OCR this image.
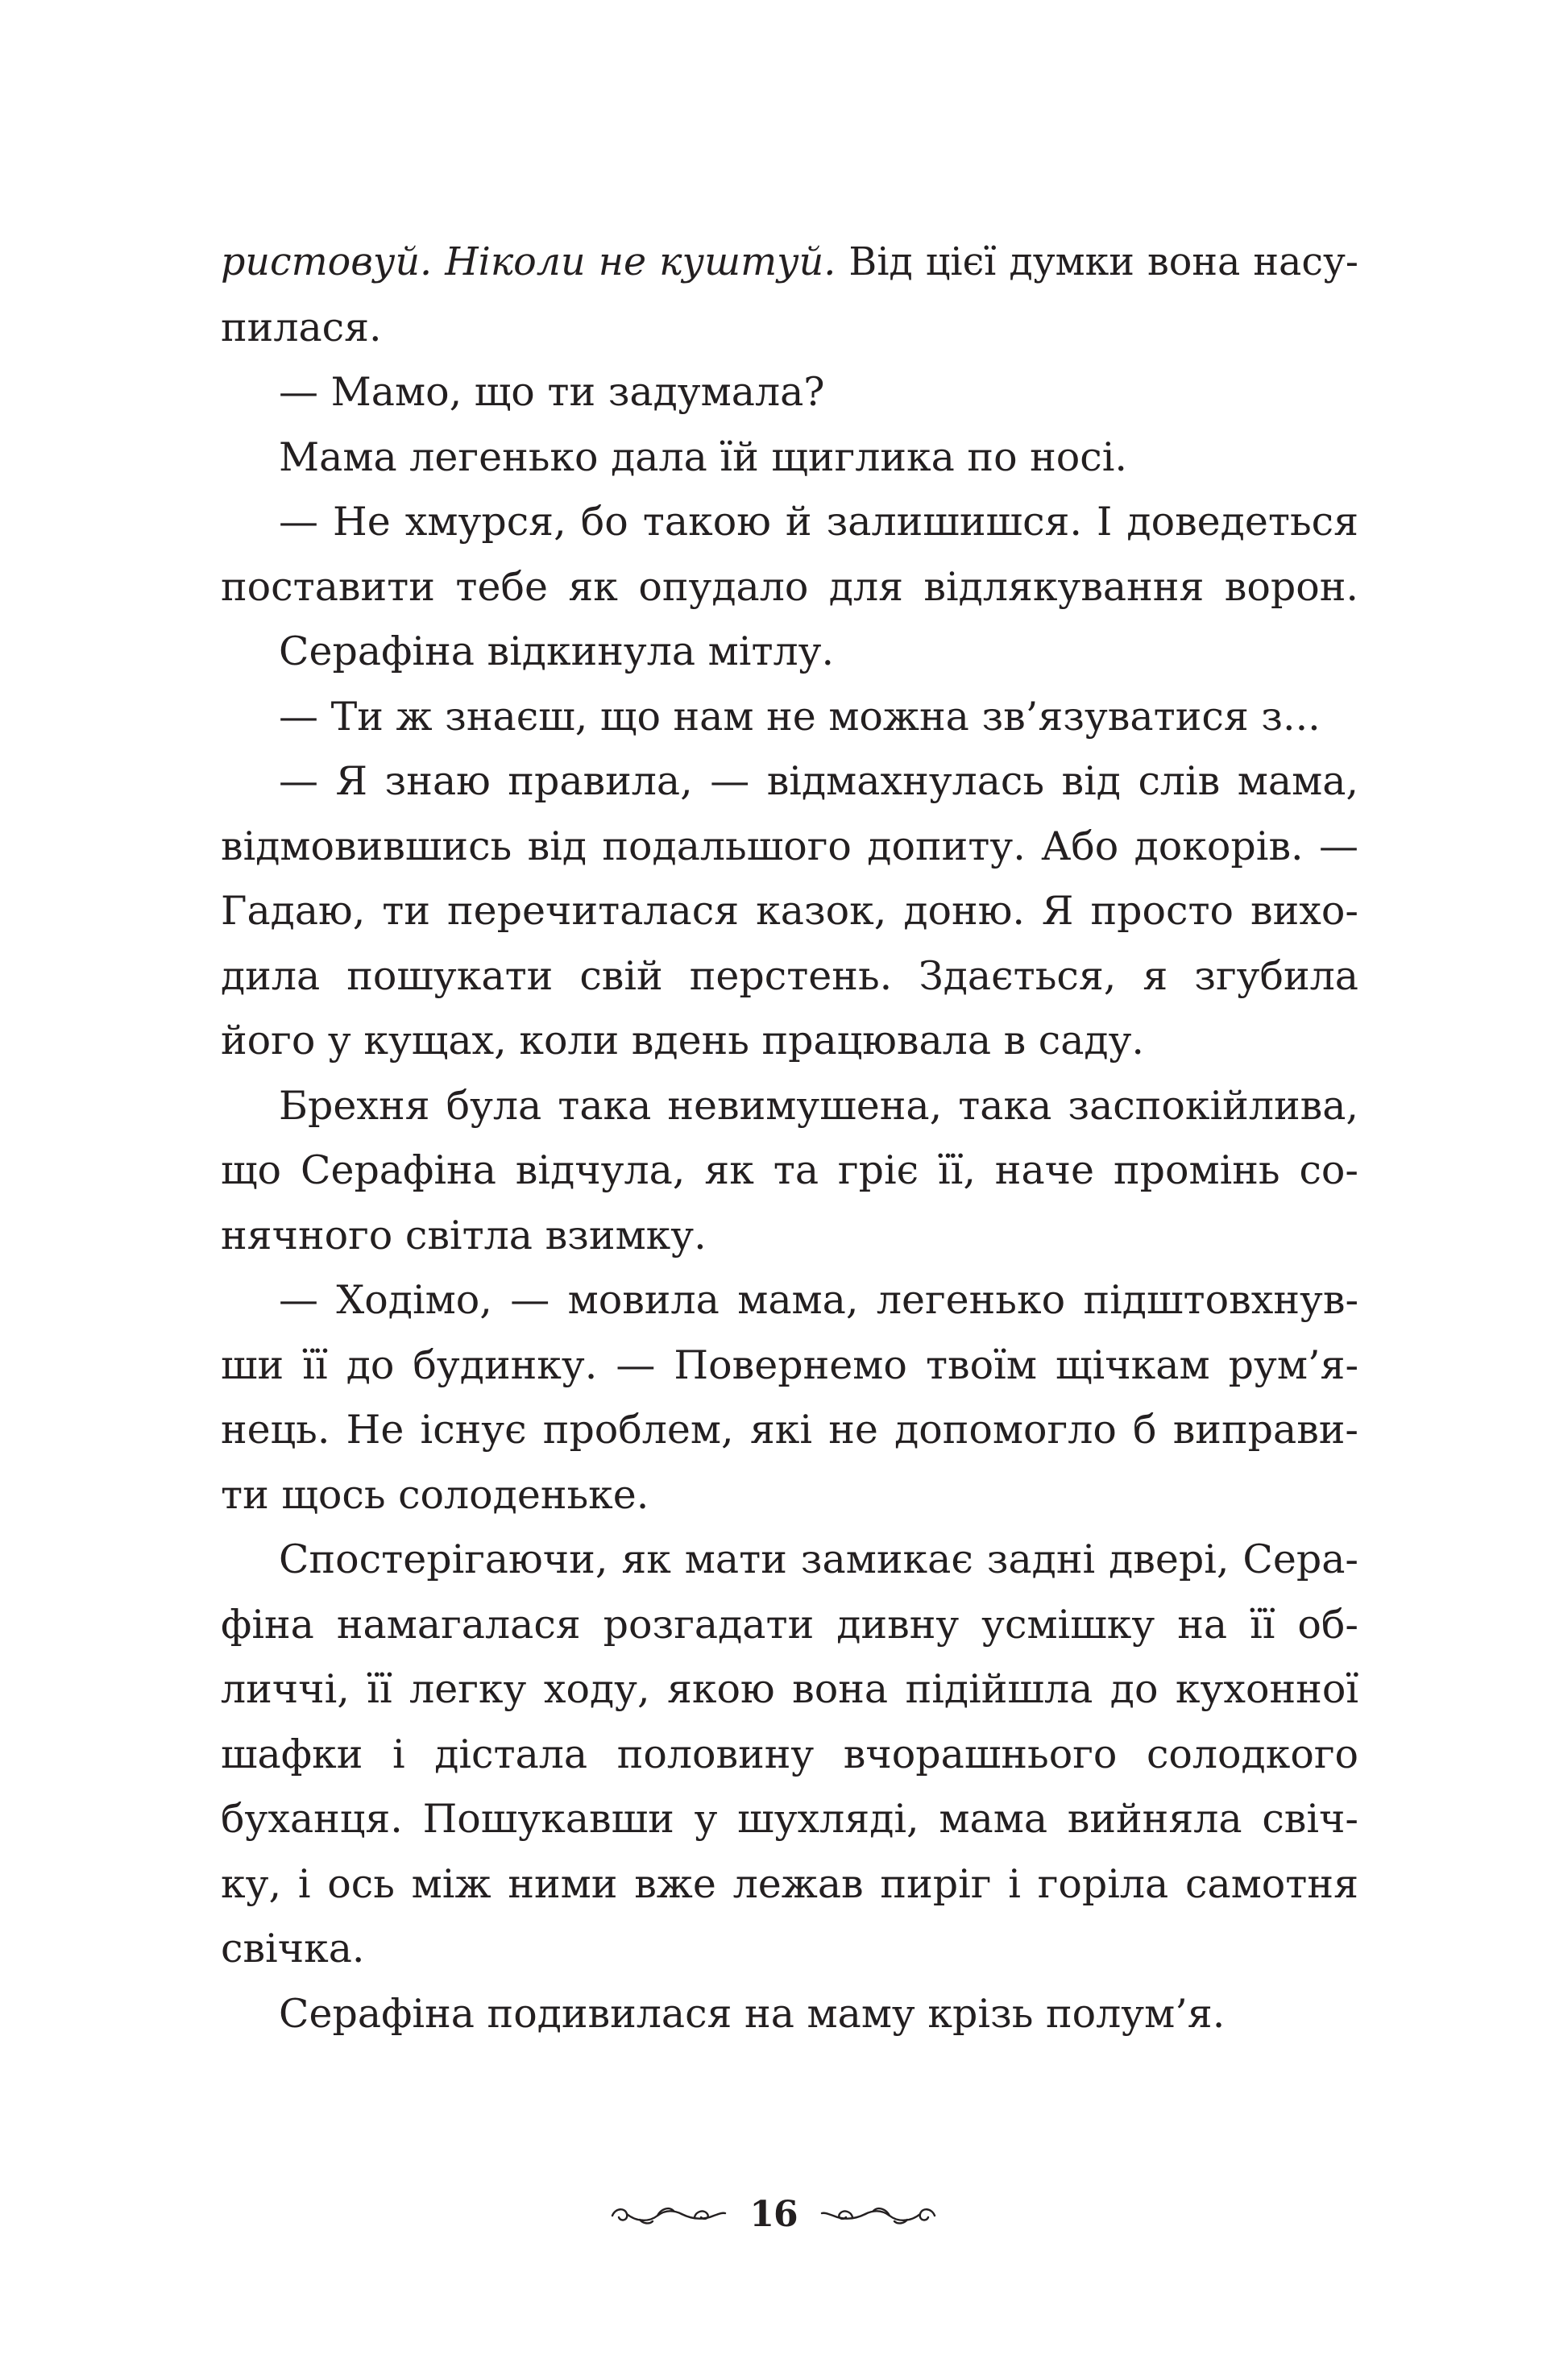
ристовуй. Ніколи не куштуй. Від цієї думки вона насу-
пилася.
— Мамо, що ти задумала?
Мама легенько дала їй щиглика по носі.
— Не хмурся, бо такою й залишишся. І доведеться
поставити тебе як опудало для відлякування ворон.
Серафіна відкинула мітлу.
— Ти ж знаєш, що нам не можна зв’язуватися з...
— Я знаю правила, — відмахнулась від слів мама,
відмовившись від подальшого допиту. Або докорів. —
Гадаю, ти перечиталася казок, доню. Я просто вихо-
дила пошукати свій перстень. Здається, я згубила
його у кущах, коли вдень працювала в саду.
Брехня була така невимушена, така заспокійлива,
що Серафіна відчула, як та гріє її, наче промінь со-
нячного світла взимку.
— Ходімо, — мовила мама, легенько підштовхнув-
ши її до будинку. — Повернемо твоїм щічкам рум’я-
нець. Не існує проблем, які не допомогло б виправи-
ти щось солоденьке.
Спостерігаючи, як мати замикає задні двері, Сера-
фіна намагалася розгадати дивну усмішку на її об-
личчі, її легку ходу, якою вона підійшла до кухонної
шафки і дістала половину вчорашнього солодкого
буханця. Пошукавши у шухляді, мама вийняла свіч-
ку, і ось між ними вже лежав пиріг і горіла самотня
свічка.
Серафіна подивилася на маму крізь полум’я.
16
